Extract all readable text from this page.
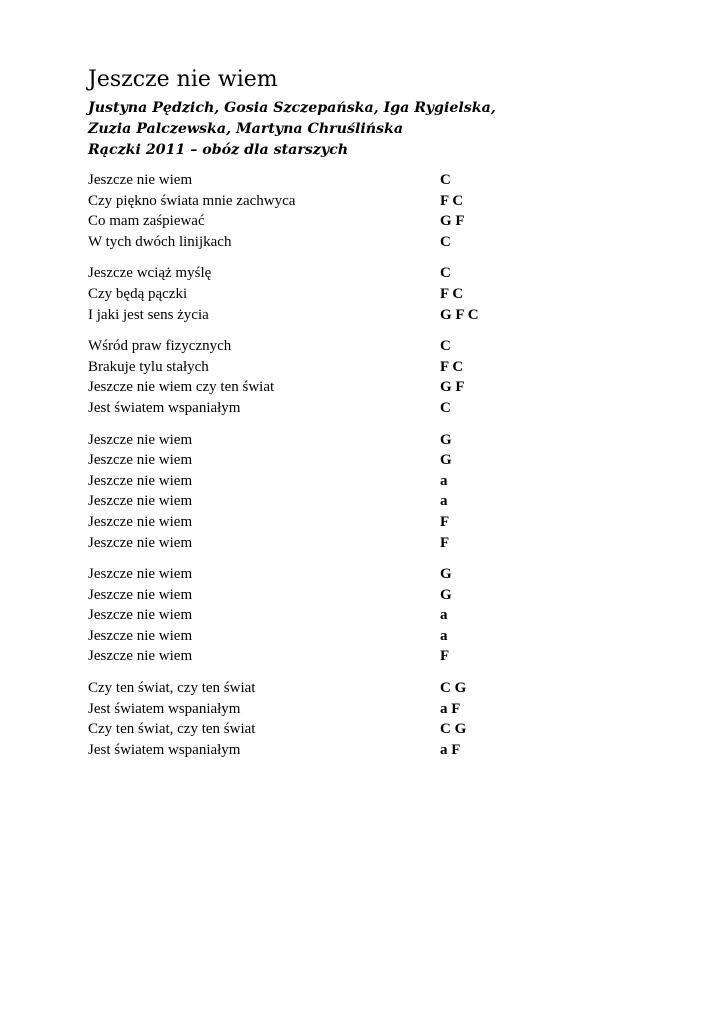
Jeszcze nie wiem

Justyna Pędzich, Gosia Szczepańska, Iga Rygielska,

Zuzia Palczewska, Martyna Chruślińska

Rączki 2011 – obóz dla starszych

Jeszcze nie wiem	C
Czy piękno świata mnie zachwyca	F C
Co mam zaśpiewać	G F
W tych dwóch linijkach	C
Jeszcze wciąż myślę	C
Czy będą pączki	F C
I jaki jest sens życia	G F C
Wśród praw fizycznych	C
Brakuje tylu stałych	F C
Jeszcze nie wiem czy ten świat	G F
Jest światem wspaniałym	C
Jeszcze nie wiem	G
Jeszcze nie wiem	G
Jeszcze nie wiem	a
Jeszcze nie wiem	a
Jeszcze nie wiem	F
Jeszcze nie wiem	F
Jeszcze nie wiem	G
Jeszcze nie wiem	G
Jeszcze nie wiem	a
Jeszcze nie wiem	a
Jeszcze nie wiem	F
Czy ten świat, czy ten świat	C G
Jest światem wspaniałym	a F
Czy ten świat, czy ten świat	C G
Jest światem wspaniałym	a F
